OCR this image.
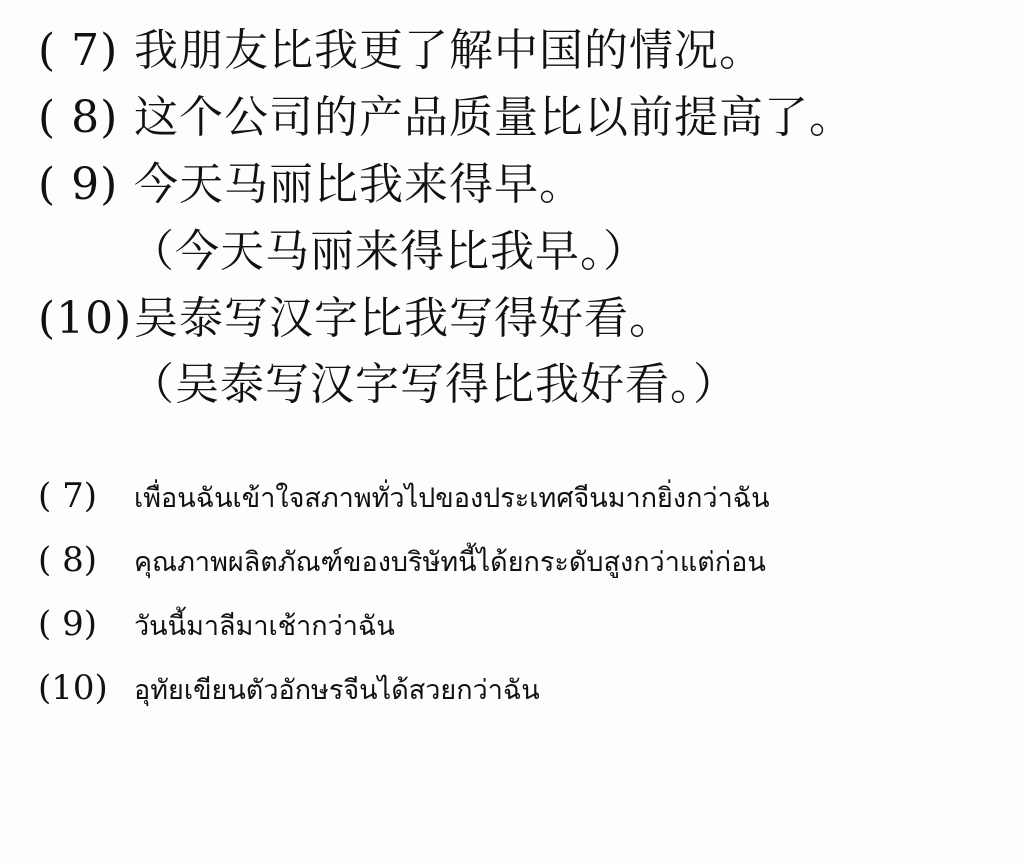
( 7) 我朋友比我更了解中国的情况。
( 8) 这个公司的产品质量比以前提高了。
( 9) 今天马丽比我来得早。
（今天马丽来得比我早。）
(10) 吴泰写汉字比我写得好看。
（吴泰写汉字写得比我好看。）
( 7)	เพื่อนฉันเข้าใจสภาพทั่วไปของประเทศจีนมากยิ่งกว่าฉัน
( 8)	คุณภาพผลิตภัณฑ์ของบริษัทนี้ได้ยกระดับสูงกว่าแต่ก่อน
( 9)	วันนี้มาลีมาเช้ากว่าฉัน
(10) อุทัยเขียนตัวอักษรจีนได้สวยกว่าฉัน
